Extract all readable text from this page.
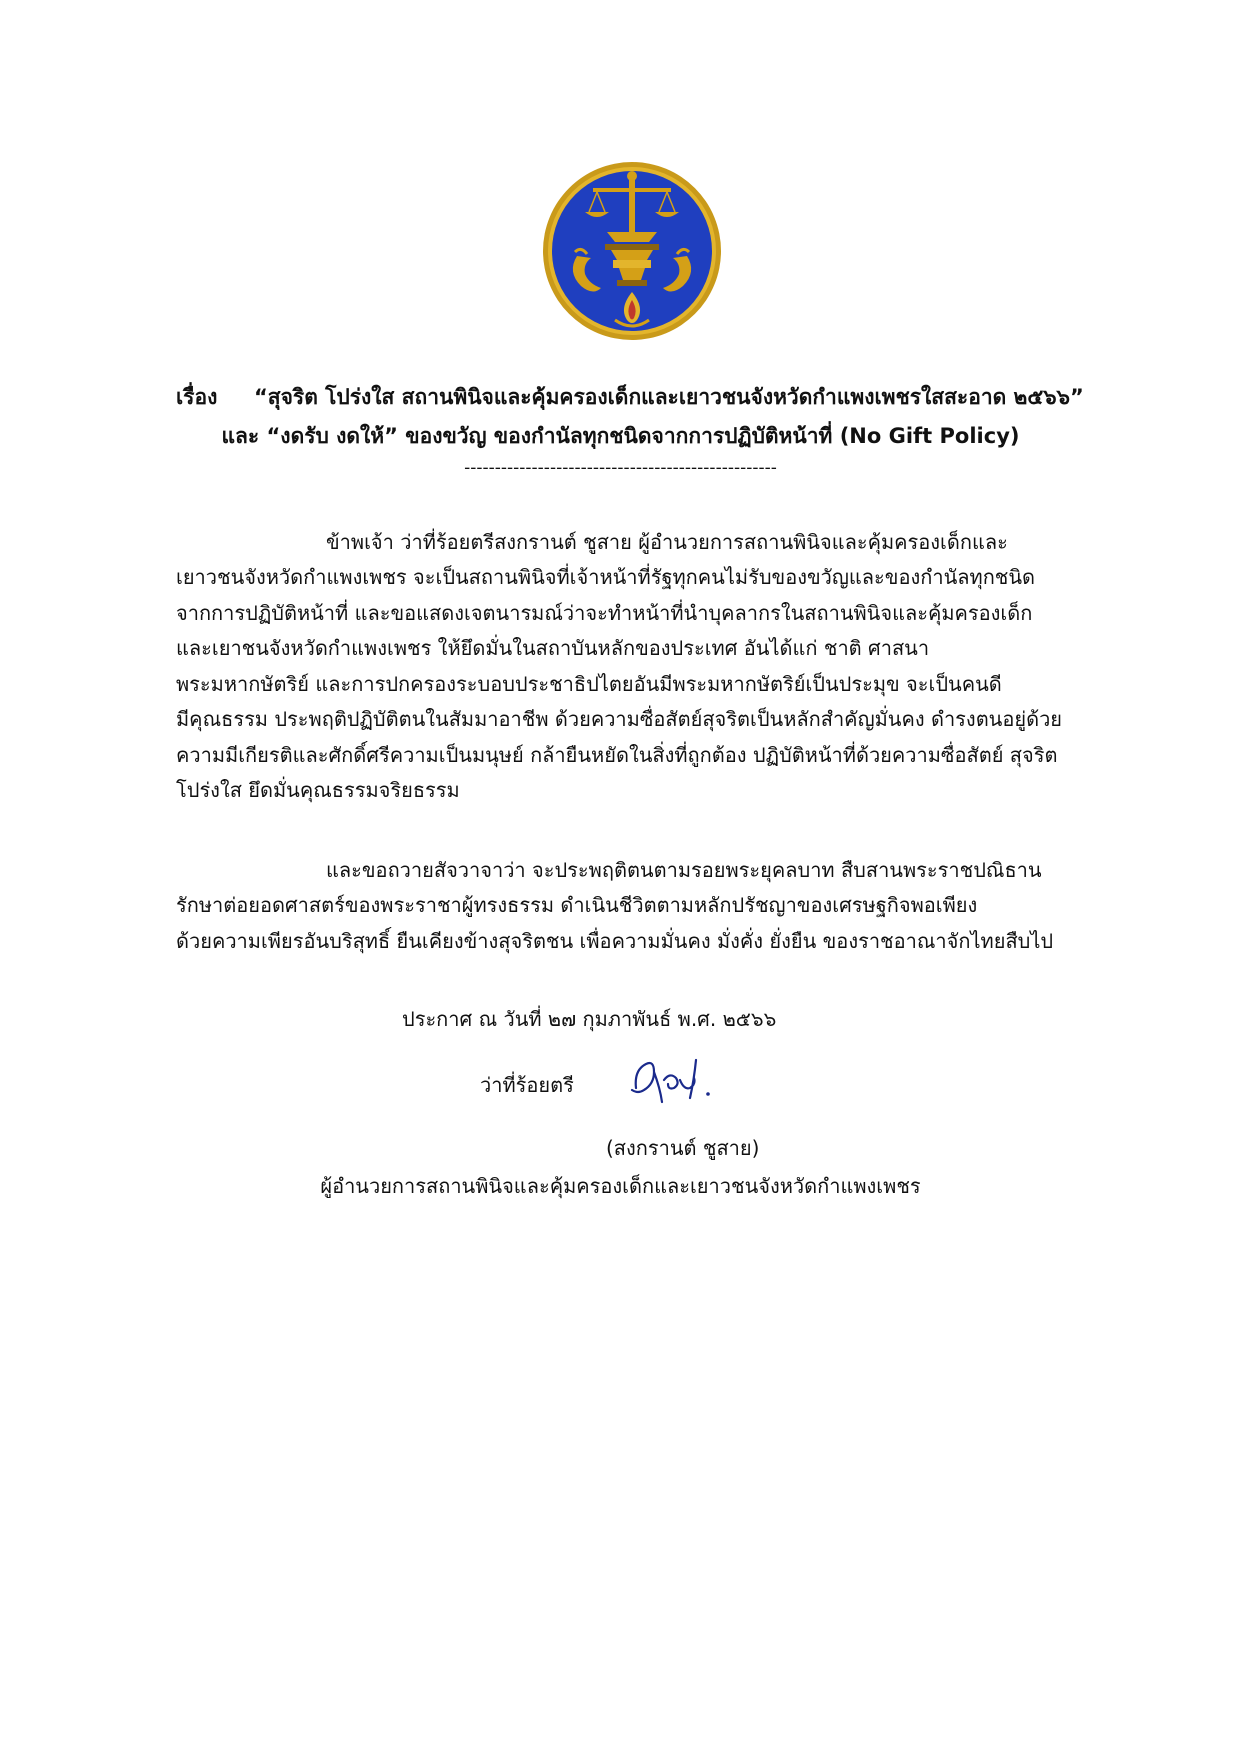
เรื่อง “สุจริต โปร่งใส สถานพินิจและคุ้มครองเด็กและเยาวชนจังหวัดกำแพงเพชรใสสะอาด ๒๕๖๖”
และ “งดรับ งดให้” ของขวัญ ของกำนัลทุกชนิดจากการปฏิบัติหน้าที่ (No Gift Policy)
---------------------------------------------------
ข้าพเจ้า ว่าที่ร้อยตรีสงกรานต์ ชูสาย ผู้อำนวยการสถานพินิจและคุ้มครองเด็กและ
เยาวชนจังหวัดกำแพงเพชร จะเป็นสถานพินิจที่เจ้าหน้าที่รัฐทุกคนไม่รับของขวัญและของกำนัลทุกชนิด
จากการปฏิบัติหน้าที่ และขอแสดงเจตนารมณ์ว่าจะทำหน้าที่นำบุคลากรในสถานพินิจและคุ้มครองเด็ก
และเยาชนจังหวัดกำแพงเพชร ให้ยึดมั่นในสถาบันหลักของประเทศ อันได้แก่ ชาติ ศาสนา
พระมหากษัตริย์ และการปกครองระบอบประชาธิปไตยอันมีพระมหากษัตริย์เป็นประมุข จะเป็นคนดี
มีคุณธรรม ประพฤติปฏิบัติตนในสัมมาอาชีพ ด้วยความซื่อสัตย์สุจริตเป็นหลักสำคัญมั่นคง ดำรงตนอยู่ด้วย
ความมีเกียรติและศักดิ์ศรีความเป็นมนุษย์ กล้ายืนหยัดในสิ่งที่ถูกต้อง ปฏิบัติหน้าที่ด้วยความซื่อสัตย์ สุจริต
โปร่งใส ยึดมั่นคุณธรรมจริยธรรม
และขอถวายสัจวาจาว่า จะประพฤติตนตามรอยพระยุคลบาท สืบสานพระราชปณิธาน
รักษาต่อยอดศาสตร์ของพระราชาผู้ทรงธรรม ดำเนินชีวิตตามหลักปรัชญาของเศรษฐกิจพอเพียง
ด้วยความเพียรอันบริสุทธิ์ ยืนเคียงข้างสุจริตชน เพื่อความมั่นคง มั่งคั่ง ยั่งยืน ของราชอาณาจักไทยสืบไป
ประกาศ ณ วันที่ ๒๗ กุมภาพันธ์ พ.ศ. ๒๕๖๖
ว่าที่ร้อยตรี
(สงกรานต์ ชูสาย)
ผู้อำนวยการสถานพินิจและคุ้มครองเด็กและเยาวชนจังหวัดกำแพงเพชร
